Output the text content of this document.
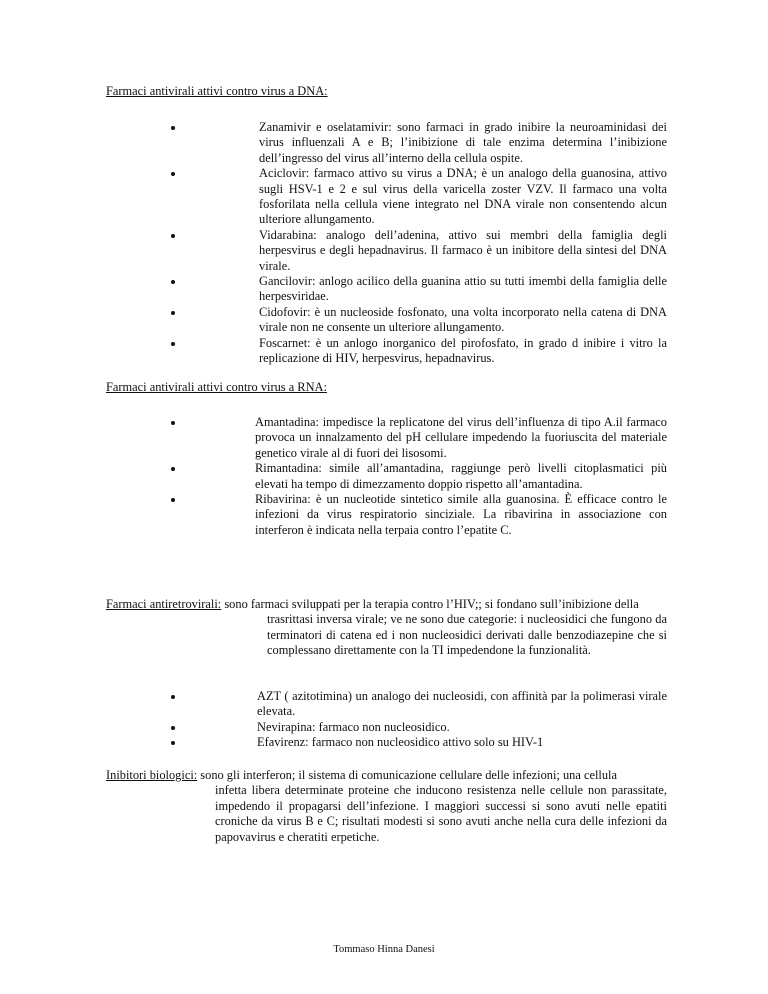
Farmaci antivirali attivi contro virus a DNA:
Zanamivir e oselatamivir: sono farmaci in grado inibire la neuroaminidasi dei virus influenzali A e B; l’inibizione di tale enzima determina l’inibizione dell’ingresso del virus all’interno della cellula ospite.
Aciclovir: farmaco attivo su virus a DNA; è un analogo della guanosina, attivo sugli HSV-1 e 2 e sul virus della varicella zoster VZV. Il farmaco una volta fosforilata nella cellula viene integrato nel DNA virale non consentendo alcun ulteriore allungamento.
Vidarabina: analogo dell’adenina, attivo sui membri della famiglia degli herpesvirus e degli hepadnavirus. Il farmaco è un inibitore della sintesi del DNA virale.
Gancilovir: anlogo acilico della guanina attio su tutti imembi della famiglia delle herpesviridae.
Cidofovir: è un nucleoside fosfonato, una volta incorporato nella catena di DNA virale non ne consente un ulteriore allungamento.
Foscarnet: è un anlogo inorganico del pirofosfato, in grado d inibire i vitro la replicazione di HIV, herpesvirus, hepadnavirus.
Farmaci antivirali attivi contro virus a RNA:
Amantadina: impedisce la replicatone del virus dell’influenza di tipo A.il farmaco provoca un innalzamento del pH cellulare impedendo la fuoriuscita del materiale genetico virale al di fuori dei lisosomi.
Rimantadina: simile all’amantadina, raggiunge però livelli citoplasmatici più elevati ha tempo di dimezzamento doppio rispetto all’amantadina.
Ribavirina: è un nucleotide sintetico simile alla guanosina. È efficace contro le infezioni da virus respiratorio sinciziale. La ribavirina in associazione con interferon è indicata nella terpaia contro l’epatite C.
Farmaci antiretrovirali: sono farmaci sviluppati per la terapia contro l’HIV;; si fondano sull’inibizione della
trasrittasi inversa virale; ve ne sono due categorie: i nucleosidici che fungono da terminatori di catena ed i non nucleosidici derivati dalle benzodiazepine che si complessano direttamente con la TI impedendone la funzionalità.
AZT ( azitotimina) un analogo dei nucleosidi, con affinità par la polimerasi virale elevata.
Nevirapina: farmaco non nucleosidico.
Efavirenz: farmaco non nucleosidico attivo solo su HIV-1
Inibitori biologici: sono gli interferon; il sistema di comunicazione cellulare delle infezioni; una cellula
infetta libera determinate proteine che inducono resistenza nelle cellule non parassitate, impedendo il propagarsi dell’infezione. I maggiori successi si sono avuti nelle epatiti croniche da virus B e C; risultati modesti si sono avuti anche nella cura delle infezioni da papovavirus e cheratiti erpetiche.
Tommaso Hinna Danesi
